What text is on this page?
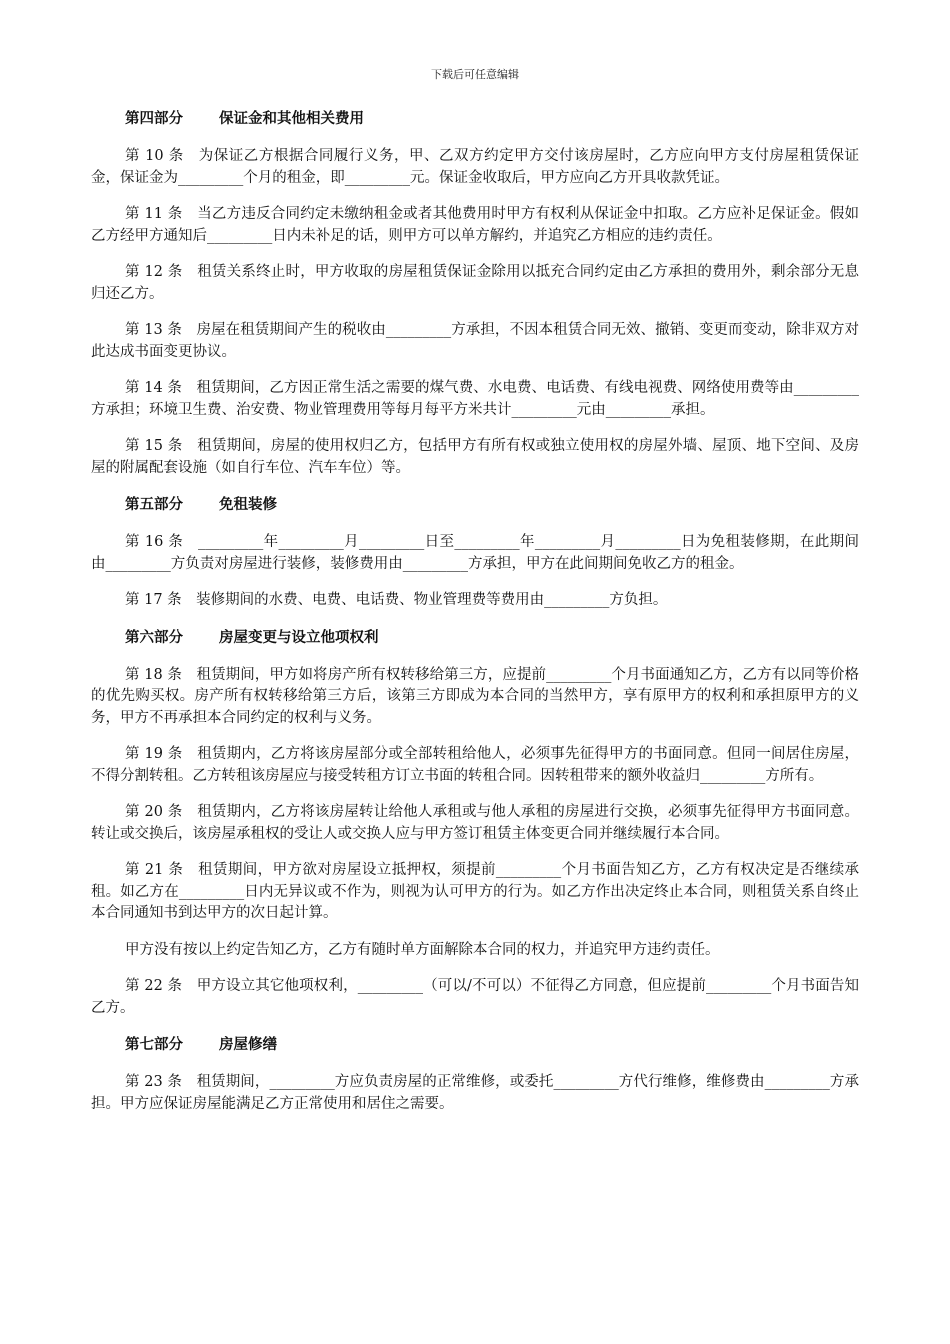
下载后可任意编辑
第四部分 保证金和其他相关费用

第 10 条　为保证乙方根据合同履行义务，甲、乙双方约定甲方交付该房屋时，乙方应向甲方支付房屋租赁保证金，保证金为_________个月的租金，即_________元。保证金收取后，甲方应向乙方开具收款凭证。

第 11 条　当乙方违反合同约定未缴纳租金或者其他费用时甲方有权利从保证金中扣取。乙方应补足保证金。假如乙方经甲方通知后_________日内未补足的话，则甲方可以单方解约，并追究乙方相应的违约责任。

第 12 条　租赁关系终止时，甲方收取的房屋租赁保证金除用以抵充合同约定由乙方承担的费用外，剩余部分无息归还乙方。

第 13 条　房屋在租赁期间产生的税收由_________方承担，不因本租赁合同无效、撤销、变更而变动，除非双方对此达成书面变更协议。

第 14 条　租赁期间，乙方因正常生活之需要的煤气费、水电费、电话费、有线电视费、网络使用费等由_________方承担；环境卫生费、治安费、物业管理费用等每月每平方米共计_________元由_________承担。

第 15 条　租赁期间，房屋的使用权归乙方，包括甲方有所有权或独立使用权的房屋外墙、屋顶、地下空间、及房屋的附属配套设施（如自行车位、汽车车位）等。

第五部分 免租装修

第 16 条　_________年_________月_________日至_________年_________月_________日为免租装修期，在此期间由_________方负责对房屋进行装修，装修费用由_________方承担，甲方在此间期间免收乙方的租金。

第 17 条　装修期间的水费、电费、电话费、物业管理费等费用由_________方负担。

第六部分 房屋变更与设立他项权利

第 18 条　租赁期间，甲方如将房产所有权转移给第三方，应提前_________个月书面通知乙方，乙方有以同等价格的优先购买权。房产所有权转移给第三方后，该第三方即成为本合同的当然甲方，享有原甲方的权利和承担原甲方的义务，甲方不再承担本合同约定的权利与义务。

第 19 条　租赁期内，乙方将该房屋部分或全部转租给他人，必须事先征得甲方的书面同意。但同一间居住房屋，不得分割转租。乙方转租该房屋应与接受转租方订立书面的转租合同。因转租带来的额外收益归_________方所有。

第 20 条　租赁期内，乙方将该房屋转让给他人承租或与他人承租的房屋进行交换，必须事先征得甲方书面同意。转让或交换后，该房屋承租权的受让人或交换人应与甲方签订租赁主体变更合同并继续履行本合同。

第 21 条　租赁期间，甲方欲对房屋设立抵押权，须提前_________个月书面告知乙方，乙方有权决定是否继续承租。如乙方在_________日内无异议或不作为，则视为认可甲方的行为。如乙方作出决定终止本合同，则租赁关系自终止本合同通知书到达甲方的次日起计算。

甲方没有按以上约定告知乙方，乙方有随时单方面解除本合同的权力，并追究甲方违约责任。

第 22 条　甲方设立其它他项权利，_________（可以/不可以）不征得乙方同意，但应提前_________个月书面告知乙方。

第七部分 房屋修缮

第 23 条　租赁期间，_________方应负责房屋的正常维修，或委托_________方代行维修，维修费由_________方承担。甲方应保证房屋能满足乙方正常使用和居住之需要。
